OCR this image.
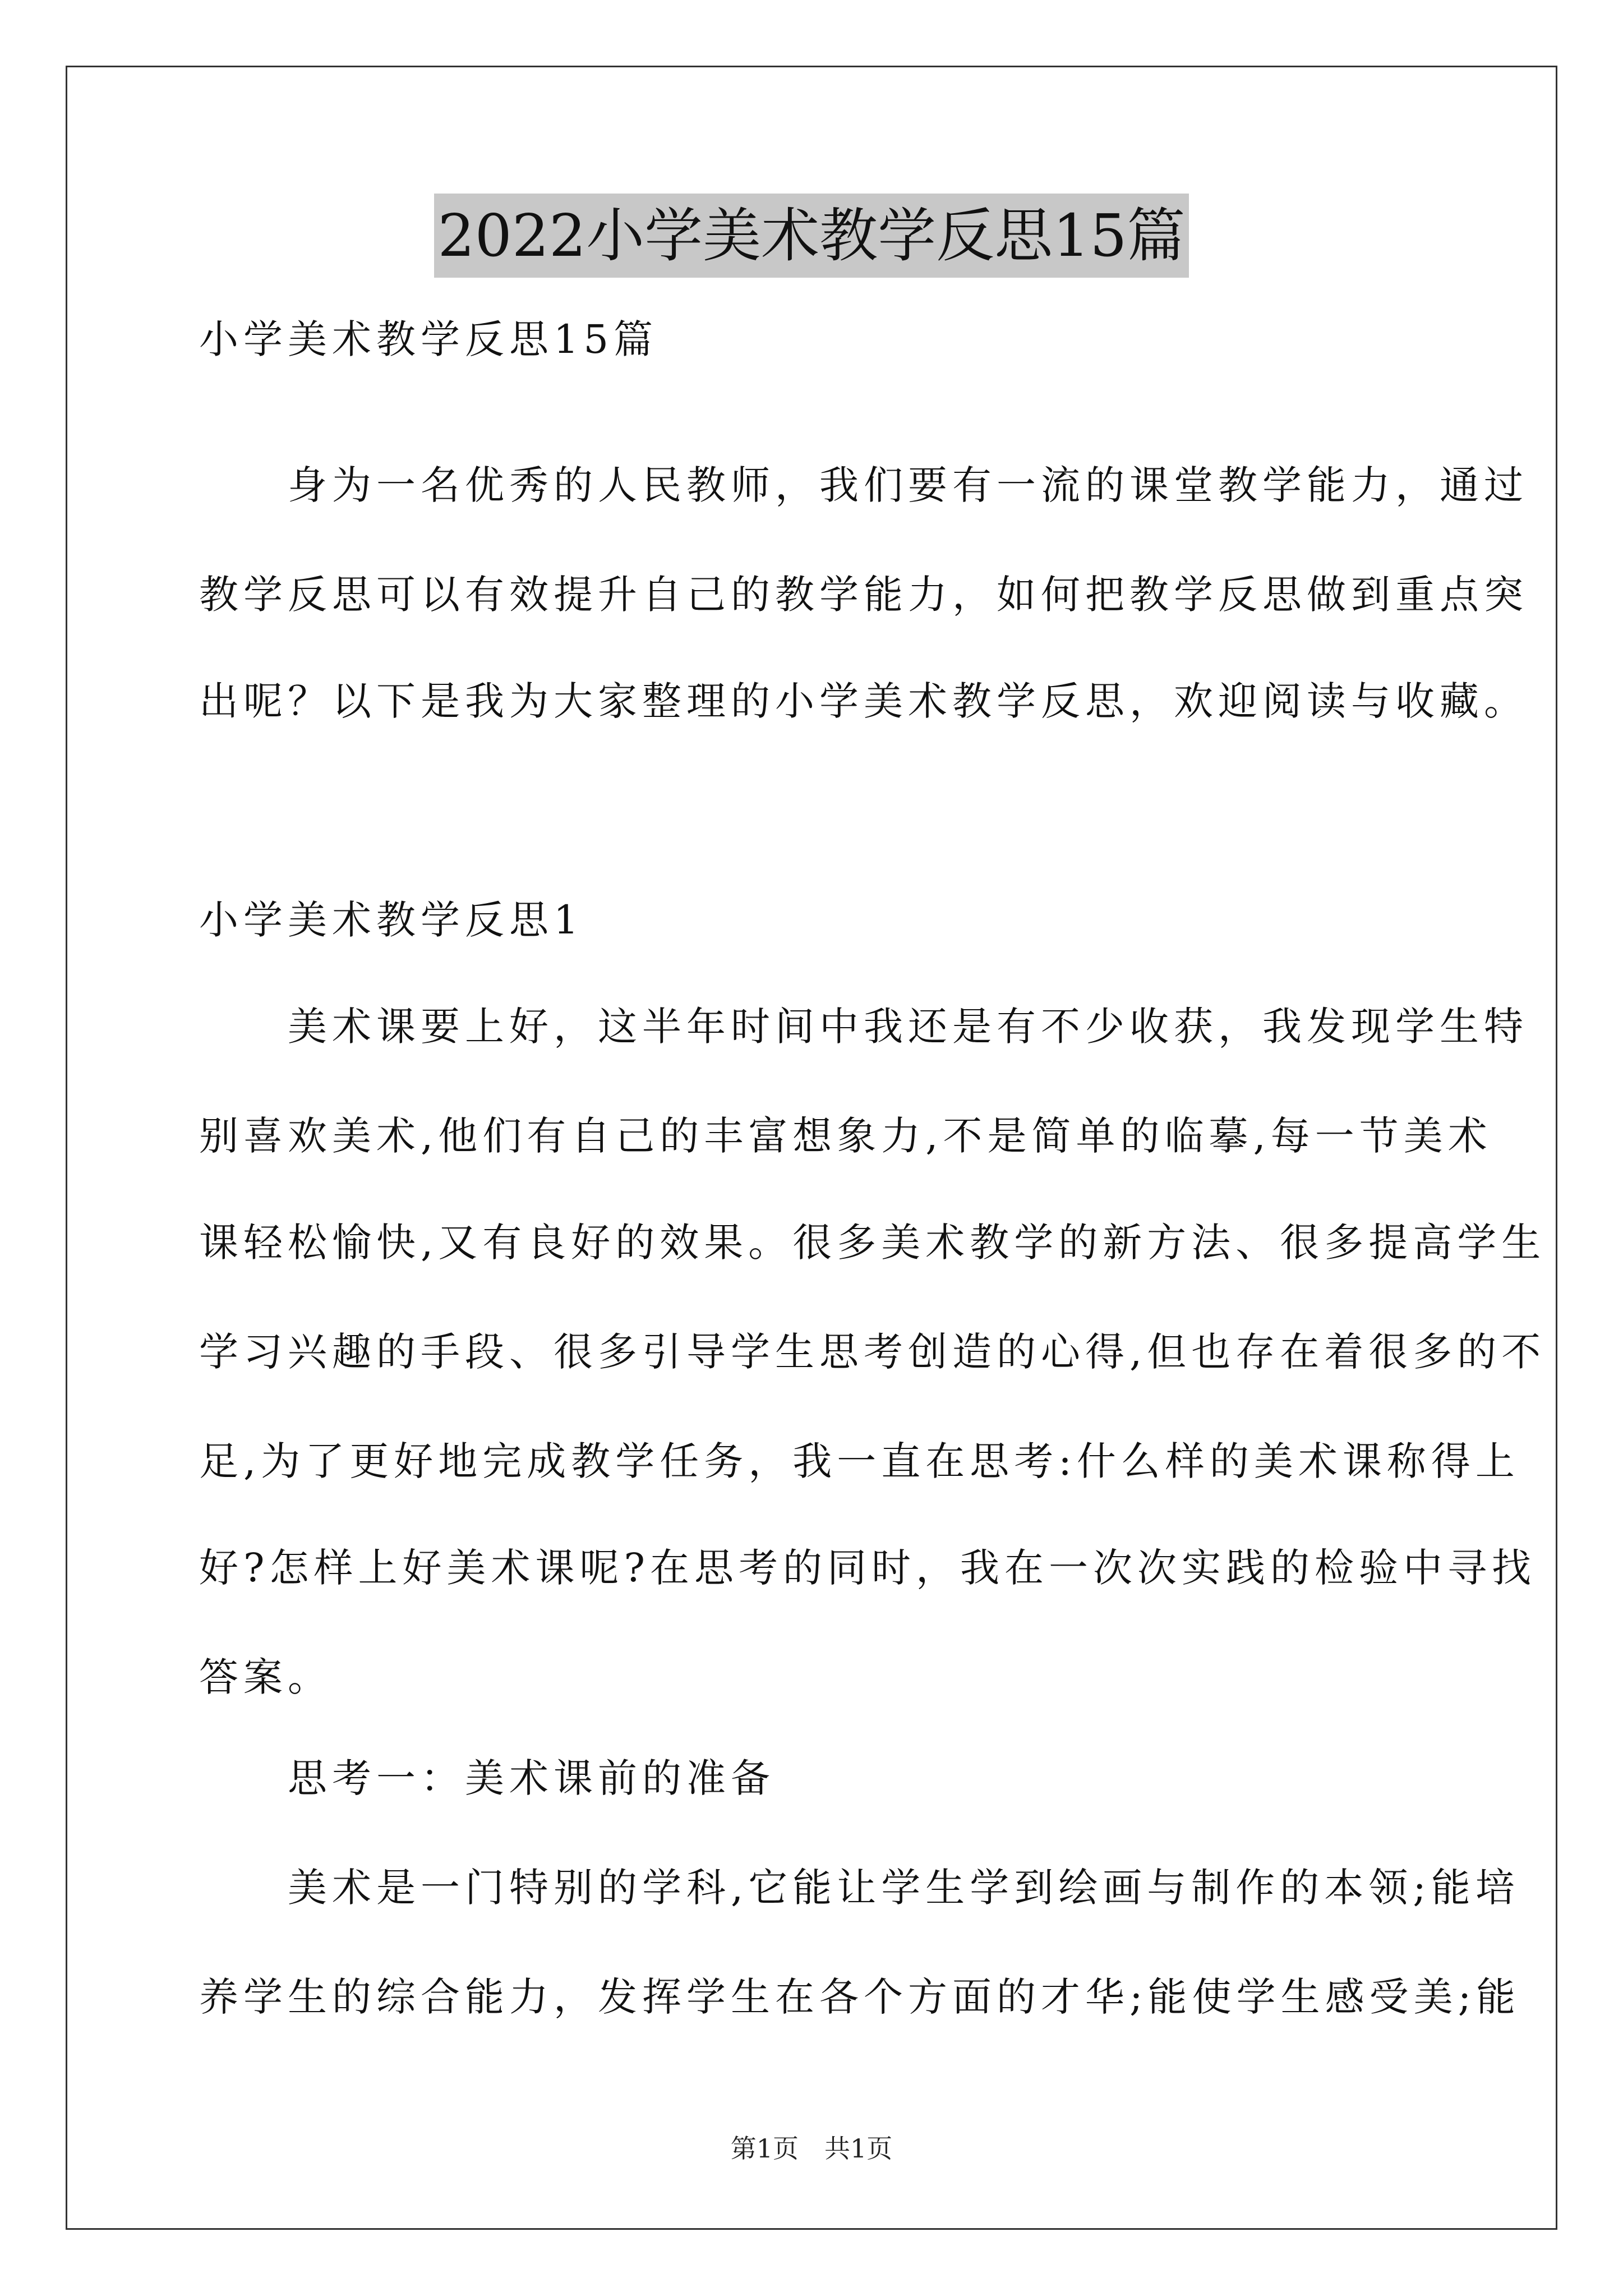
2022小学美术教学反思15篇
小学美术教学反思15篇
　　身为一名优秀的人民教师，我们要有一流的课堂教学能力，通过
教学反思可以有效提升自己的教学能力，如何把教学反思做到重点突
出呢？以下是我为大家整理的小学美术教学反思，欢迎阅读与收藏。
小学美术教学反思1
　　美术课要上好，这半年时间中我还是有不少收获，我发现学生特
别喜欢美术,他们有自己的丰富想象力,不是简单的临摹,每一节美术
课轻松愉快,又有良好的效果。很多美术教学的新方法、很多提高学生
学习兴趣的手段、很多引导学生思考创造的心得,但也存在着很多的不
足,为了更好地完成教学任务，我一直在思考:什么样的美术课称得上
好?怎样上好美术课呢?在思考的同时，我在一次次实践的检验中寻找
答案。
　　思考一：美术课前的准备
　　美术是一门特别的学科,它能让学生学到绘画与制作的本领;能培
养学生的综合能力，发挥学生在各个方面的才华;能使学生感受美;能
第1页　共1页
